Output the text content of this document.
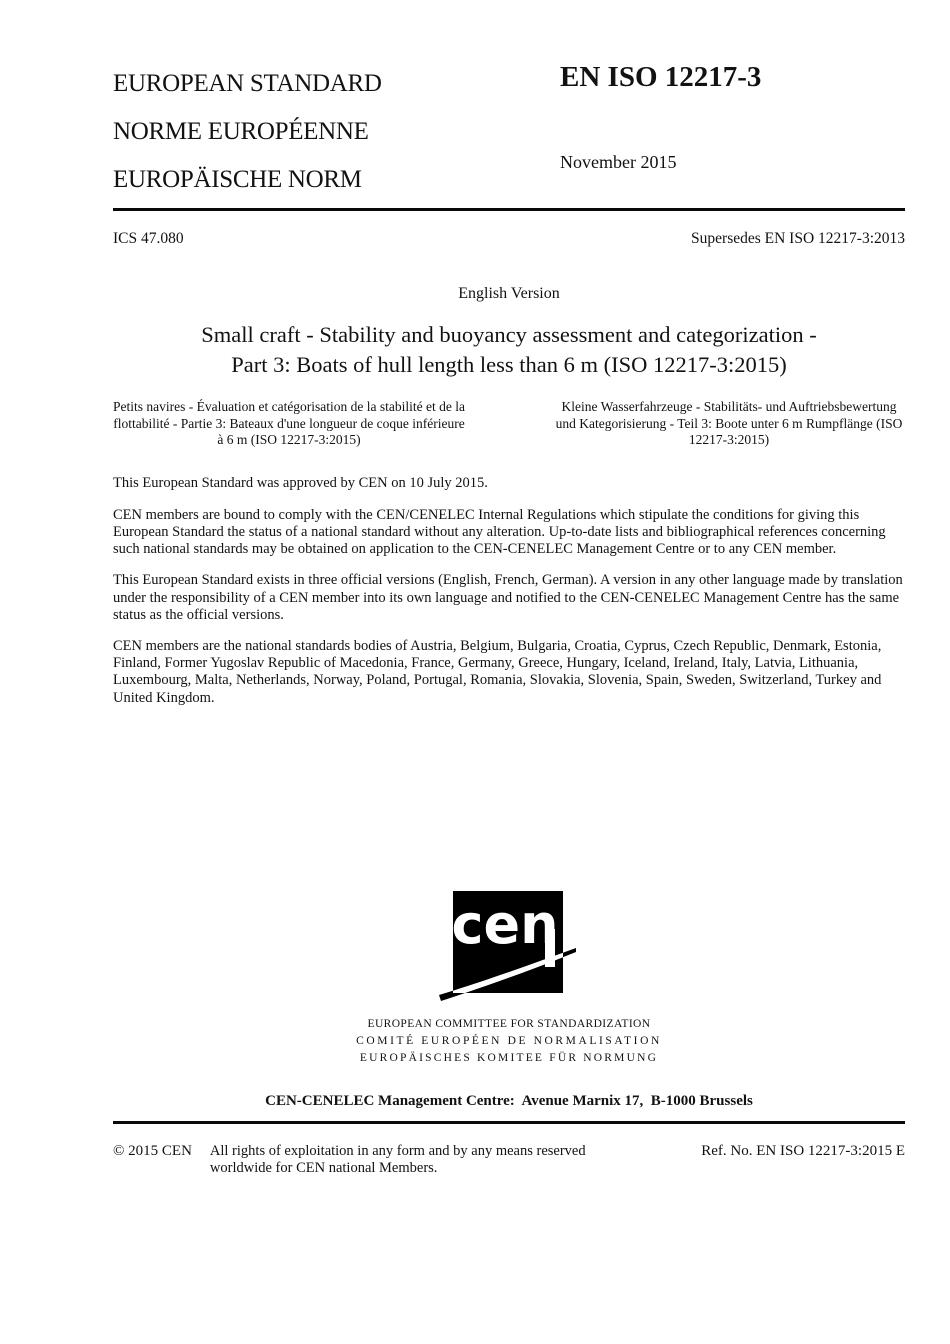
EUROPEAN STANDARD
NORME EUROPÉENNE
EUROPÄISCHE NORM
EN ISO 12217-3
November 2015
ICS 47.080	Supersedes EN ISO 12217-3:2013
English Version
Small craft - Stability and buoyancy assessment and categorization - Part 3: Boats of hull length less than 6 m (ISO 12217-3:2015)
Petits navires - Évaluation et catégorisation de la stabilité et de la flottabilité - Partie 3: Bateaux d'une longueur de coque inférieure à 6 m (ISO 12217-3:2015)
Kleine Wasserfahrzeuge - Stabilitäts- und Auftriebsbewertung und Kategorisierung - Teil 3: Boote unter 6 m Rumpflänge (ISO 12217-3:2015)

This European Standard was approved by CEN on 10 July 2015.

CEN members are bound to comply with the CEN/CENELEC Internal Regulations which stipulate the conditions for giving this European Standard the status of a national standard without any alteration. Up-to-date lists and bibliographical references concerning such national standards may be obtained on application to the CEN-CENELEC Management Centre or to any CEN member.

This European Standard exists in three official versions (English, French, German). A version in any other language made by translation under the responsibility of a CEN member into its own language and notified to the CEN-CENELEC Management Centre has the same status as the official versions.

CEN members are the national standards bodies of Austria, Belgium, Bulgaria, Croatia, Cyprus, Czech Republic, Denmark, Estonia, Finland, Former Yugoslav Republic of Macedonia, France, Germany, Greece, Hungary, Iceland, Ireland, Italy, Latvia, Lithuania, Luxembourg, Malta, Netherlands, Norway, Poland, Portugal, Romania, Slovakia, Slovenia, Spain, Sweden, Switzerland, Turkey and United Kingdom.

cen
EUROPEAN COMMITTEE FOR STANDARDIZATION
COMITÉ EUROPÉEN DE NORMALISATION
EUROPÄISCHES KOMITEE FÜR NORMUNG
CEN-CENELEC Management Centre:  Avenue Marnix 17,  B-1000 Brussels
© 2015 CEN All rights of exploitation in any form and by any means reserved worldwide for CEN national Members.
Ref. No. EN ISO 12217-3:2015 E
